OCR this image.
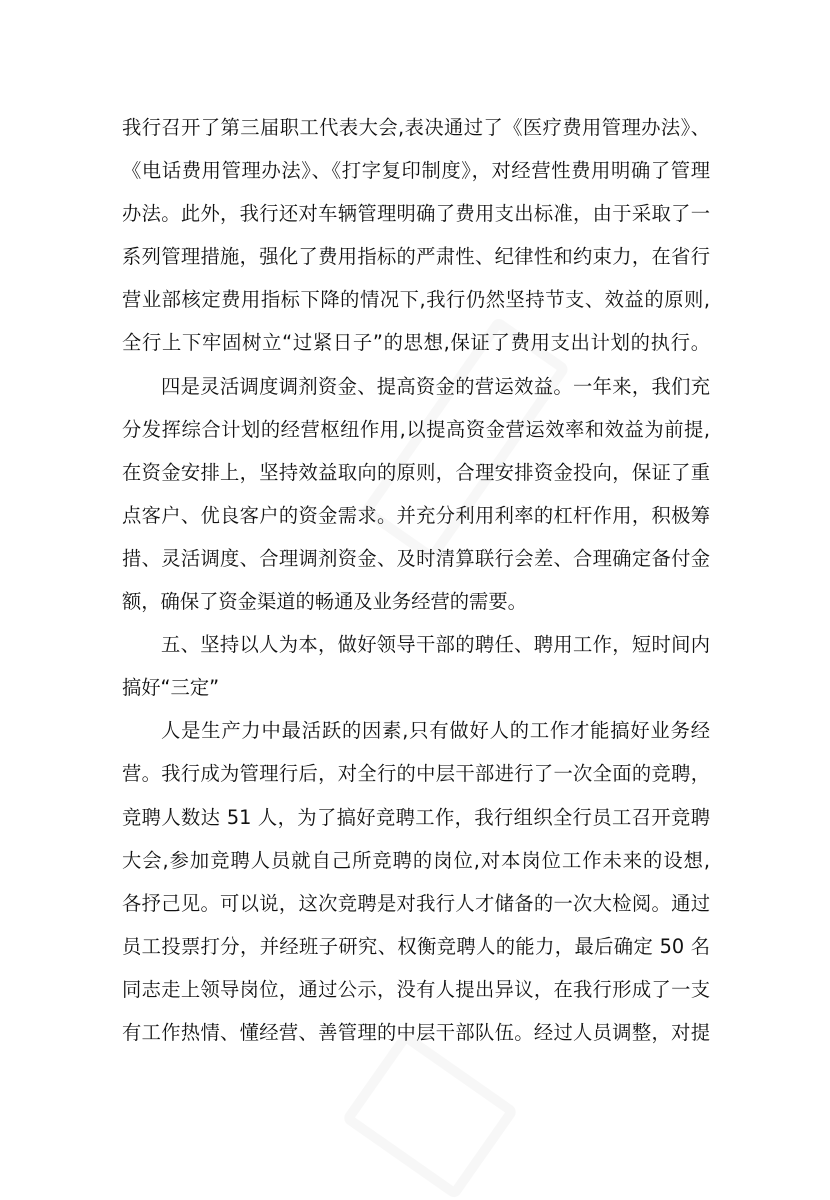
我行召开了第三届职工代表大会,表决通过了《医疗费用管理办法》、
《电话费用管理办法》、《打字复印制度》，对经营性费用明确了管理
办法。此外，我行还对车辆管理明确了费用支出标准，由于采取了一
系列管理措施，强化了费用指标的严肃性、纪律性和约束力，在省行
营业部核定费用指标下降的情况下,我行仍然坚持节支、效益的原则,
全行上下牢固树立“过紧日子”的思想,保证了费用支出计划的执行。
四是灵活调度调剂资金、提高资金的营运效益。一年来，我们充
分发挥综合计划的经营枢纽作用,以提高资金营运效率和效益为前提,
在资金安排上，坚持效益取向的原则，合理安排资金投向，保证了重
点客户、优良客户的资金需求。并充分利用利率的杠杆作用，积极筹
措、灵活调度、合理调剂资金、及时清算联行会差、合理确定备付金
额，确保了资金渠道的畅通及业务经营的需要。
五、坚持以人为本，做好领导干部的聘任、聘用工作，短时间内
搞好“三定”
人是生产力中最活跃的因素,只有做好人的工作才能搞好业务经
营。我行成为管理行后，对全行的中层干部进行了一次全面的竞聘，
竞聘人数达 51 人，为了搞好竞聘工作，我行组织全行员工召开竞聘
大会,参加竞聘人员就自己所竞聘的岗位,对本岗位工作未来的设想,
各抒己见。可以说，这次竞聘是对我行人才储备的一次大检阅。通过
员工投票打分，并经班子研究、权衡竞聘人的能力，最后确定 50 名
同志走上领导岗位，通过公示，没有人提出异议，在我行形成了一支
有工作热情、懂经营、善管理的中层干部队伍。经过人员调整，对提
